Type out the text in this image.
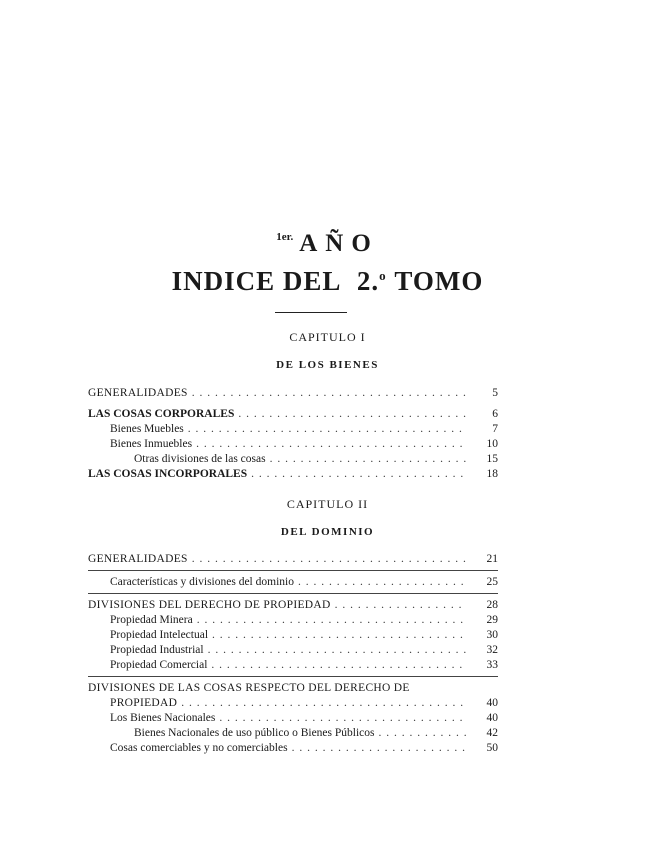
$^{1er.}$ AÑO
INDICE DEL 2.$^o$ TOMO
CAPITULO I
DE LOS BIENES
GENERALIDADES . . .	5
LAS COSAS CORPORALES . . .	6
Bienes Muebles . . .	7
Bienes Inmuebles . . .	10
Otras divisiones de las cosas . . .	15
LAS COSAS INCORPORALES . . .	18
CAPITULO II
DEL DOMINIO
GENERALIDADES . . .	21
Características y divisiones del dominio . . .	25
DIVISIONES DEL DERECHO DE PROPIEDAD . . .	28
Propiedad Minera . . .	29
Propiedad Intelectual . . .	30
Propiedad Industrial . . .	32
Propiedad Comercial . . .	33
DIVISIONES DE LAS COSAS RESPECTO DEL DERECHO DE
PROPIEDAD . . .	40
Los Bienes Nacionales . . .	40
Bienes Nacionales de uso público o Bienes Públicos . . .	42
Cosas comerciables y no comerciables . . .	50
